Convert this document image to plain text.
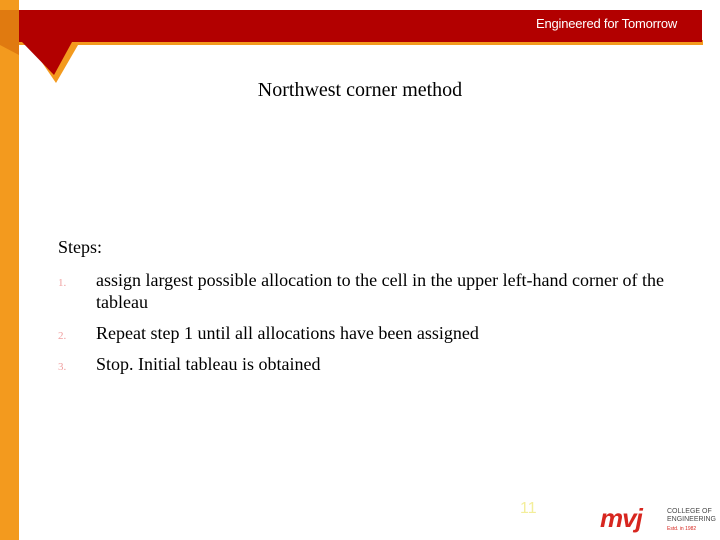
Engineered for Tomorrow
Northwest corner method
Steps:
1. assign largest possible allocation to the cell in the upper left-hand corner of the tableau
2. Repeat step 1 until all allocations have been assigned
3. Stop. Initial tableau is obtained
11 mvj	COLLEGE OF
ENGINEERING
Estd. in 1982
